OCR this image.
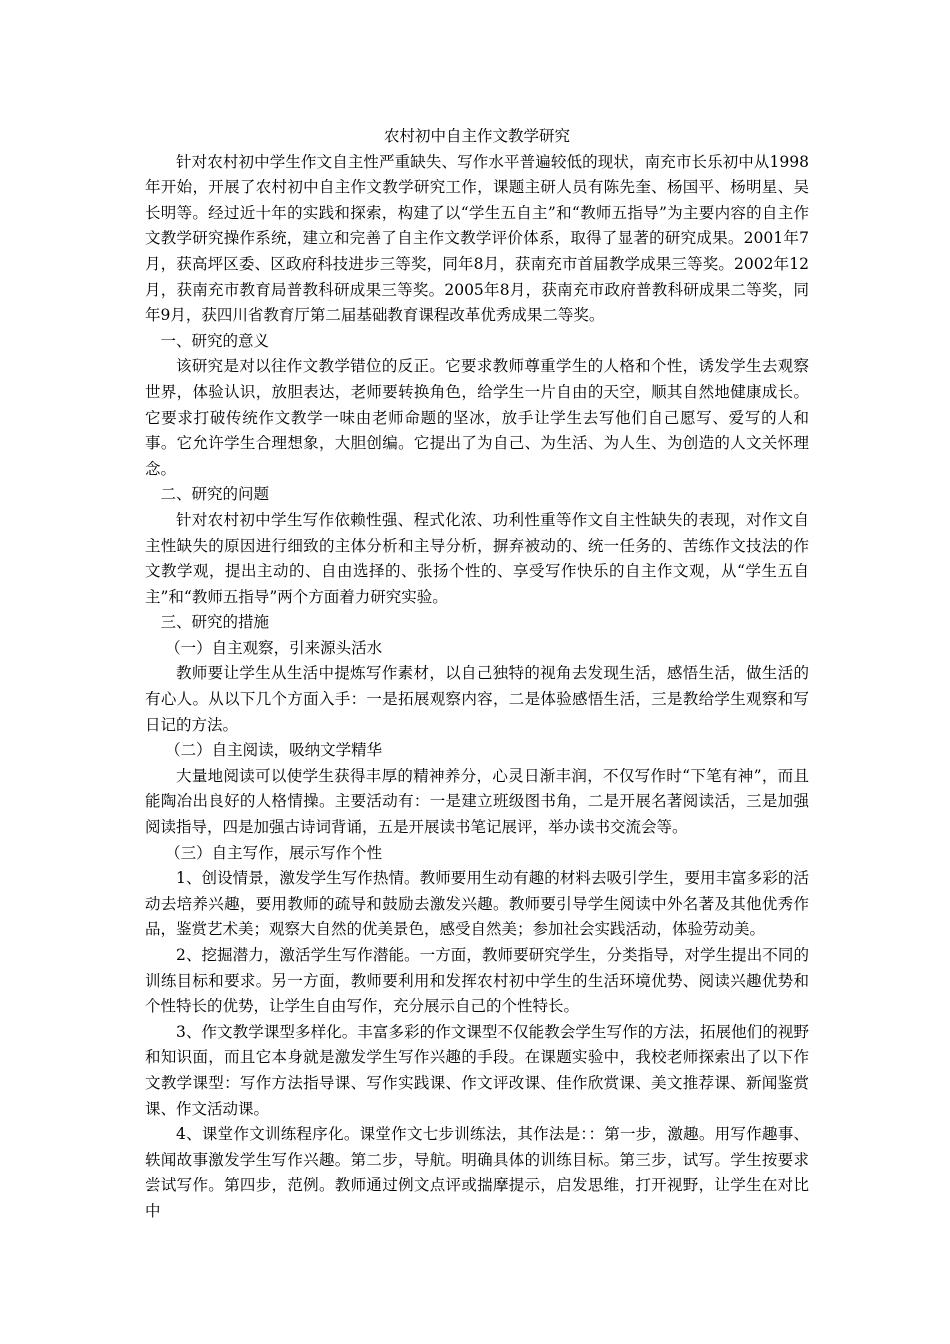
农村初中自主作文教学研究

针对农村初中学生作文自主性严重缺失、写作水平普遍较低的现状，南充市长乐初中从1998年开始，开展了农村初中自主作文教学研究工作，课题主研人员有陈先奎、杨国平、杨明星、吴长明等。经过近十年的实践和探索，构建了以“学生五自主”和“教师五指导”为主要内容的自主作文教学研究操作系统，建立和完善了自主作文教学评价体系，取得了显著的研究成果。2001年7月，获高坪区委、区政府科技进步三等奖，同年8月，获南充市首届教学成果三等奖。2002年12月，获南充市教育局普教科研成果三等奖。2005年8月，获南充市政府普教科研成果二等奖，同年9月，获四川省教育厅第二届基础教育课程改革优秀成果二等奖。

一、研究的意义

该研究是对以往作文教学错位的反正。它要求教师尊重学生的人格和个性，诱发学生去观察世界，体验认识，放胆表达，老师要转换角色，给学生一片自由的天空，顺其自然地健康成长。它要求打破传统作文教学一味由老师命题的坚冰，放手让学生去写他们自己愿写、爱写的人和事。它允许学生合理想象，大胆创编。它提出了为自己、为生活、为人生、为创造的人文关怀理念。

二、研究的问题

针对农村初中学生写作依赖性强、程式化浓、功利性重等作文自主性缺失的表现，对作文自主性缺失的原因进行细致的主体分析和主导分析，摒弃被动的、统一任务的、苦练作文技法的作文教学观，提出主动的、自由选择的、张扬个性的、享受写作快乐的自主作文观，从“学生五自主”和“教师五指导”两个方面着力研究实验。

三、研究的措施

（一）自主观察，引来源头活水

教师要让学生从生活中提炼写作素材，以自己独特的视角去发现生活，感悟生活，做生活的有心人。从以下几个方面入手：一是拓展观察内容，二是体验感悟生活，三是教给学生观察和写日记的方法。

（二）自主阅读，吸纳文学精华

大量地阅读可以使学生获得丰厚的精神养分，心灵日渐丰润，不仅写作时“下笔有神”，而且能陶冶出良好的人格情操。主要活动有：一是建立班级图书角，二是开展名著阅读活，三是加强阅读指导，四是加强古诗词背诵，五是开展读书笔记展评，举办读书交流会等。

（三）自主写作，展示写作个性

1、创设情景，激发学生写作热情。教师要用生动有趣的材料去吸引学生，要用丰富多彩的活动去培养兴趣，要用教师的疏导和鼓励去激发兴趣。教师要引导学生阅读中外名著及其他优秀作品，鉴赏艺术美；观察大自然的优美景色，感受自然美；参加社会实践活动，体验劳动美。

2、挖掘潜力，激活学生写作潜能。一方面，教师要研究学生，分类指导，对学生提出不同的训练目标和要求。另一方面，教师要利用和发挥农村初中学生的生活环境优势、阅读兴趣优势和个性特长的优势，让学生自由写作，充分展示自己的个性特长。

3、作文教学课型多样化。丰富多彩的作文课型不仅能教会学生写作的方法，拓展他们的视野和知识面，而且它本身就是激发学生写作兴趣的手段。在课题实验中，我校老师探索出了以下作文教学课型：写作方法指导课、写作实践课、作文评改课、佳作欣赏课、美文推荐课、新闻鉴赏课、作文活动课。

4、课堂作文训练程序化。课堂作文七步训练法，其作法是：：第一步，激趣。用写作趣事、轶闻故事激发学生写作兴趣。第二步，导航。明确具体的训练目标。第三步，试写。学生按要求尝试写作。第四步，范例。教师通过例文点评或揣摩提示，启发思维，打开视野，让学生在对比中
